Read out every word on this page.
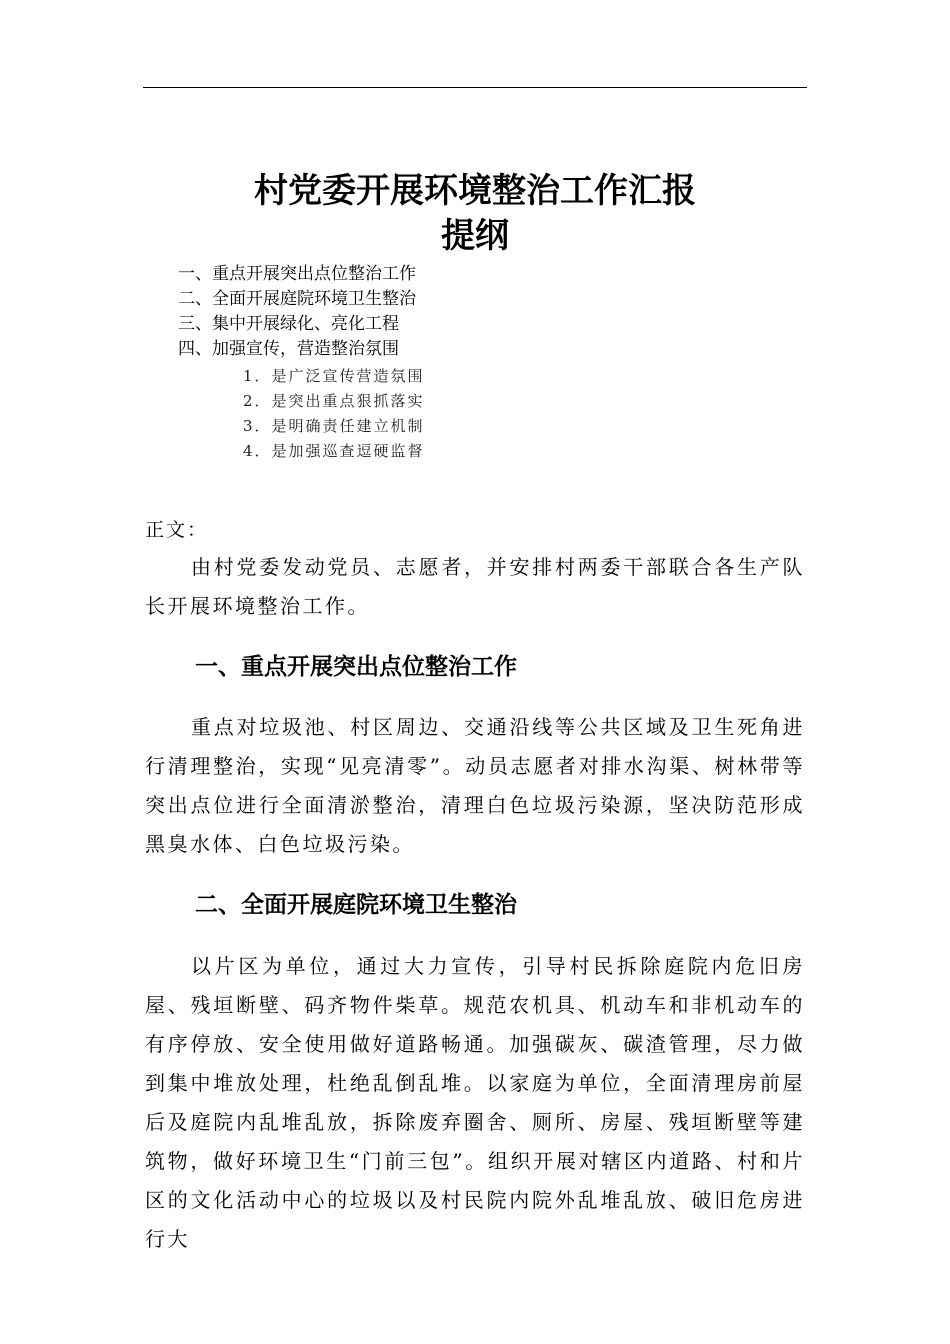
村党委开展环境整治工作汇报
提纲
一、重点开展突出点位整治工作
二、全面开展庭院环境卫生整治
三、集中开展绿化、亮化工程
四、加强宣传，营造整治氛围
1．是广泛宣传营造氛围
2．是突出重点狠抓落实
3．是明确责任建立机制
4．是加强巡查逗硬监督
正文：

由村党委发动党员、志愿者，并安排村两委干部联合各生产队长开展环境整治工作。

一、重点开展突出点位整治工作

重点对垃圾池、村区周边、交通沿线等公共区域及卫生死角进行清理整治，实现“见亮清零”。动员志愿者对排水沟渠、树林带等突出点位进行全面清淤整治，清理白色垃圾污染源，坚决防范形成黑臭水体、白色垃圾污染。

二、全面开展庭院环境卫生整治

以片区为单位，通过大力宣传，引导村民拆除庭院内危旧房屋、残垣断壁、码齐物件柴草。规范农机具、机动车和非机动车的有序停放、安全使用做好道路畅通。加强碳灰、碳渣管理，尽力做到集中堆放处理，杜绝乱倒乱堆。以家庭为单位，全面清理房前屋后及庭院内乱堆乱放，拆除废弃圈舍、厕所、房屋、残垣断壁等建筑物，做好环境卫生“门前三包”。组织开展对辖区内道路、村和片区的文化活动中心的垃圾以及村民院内院外乱堆乱放、破旧危房进行大
